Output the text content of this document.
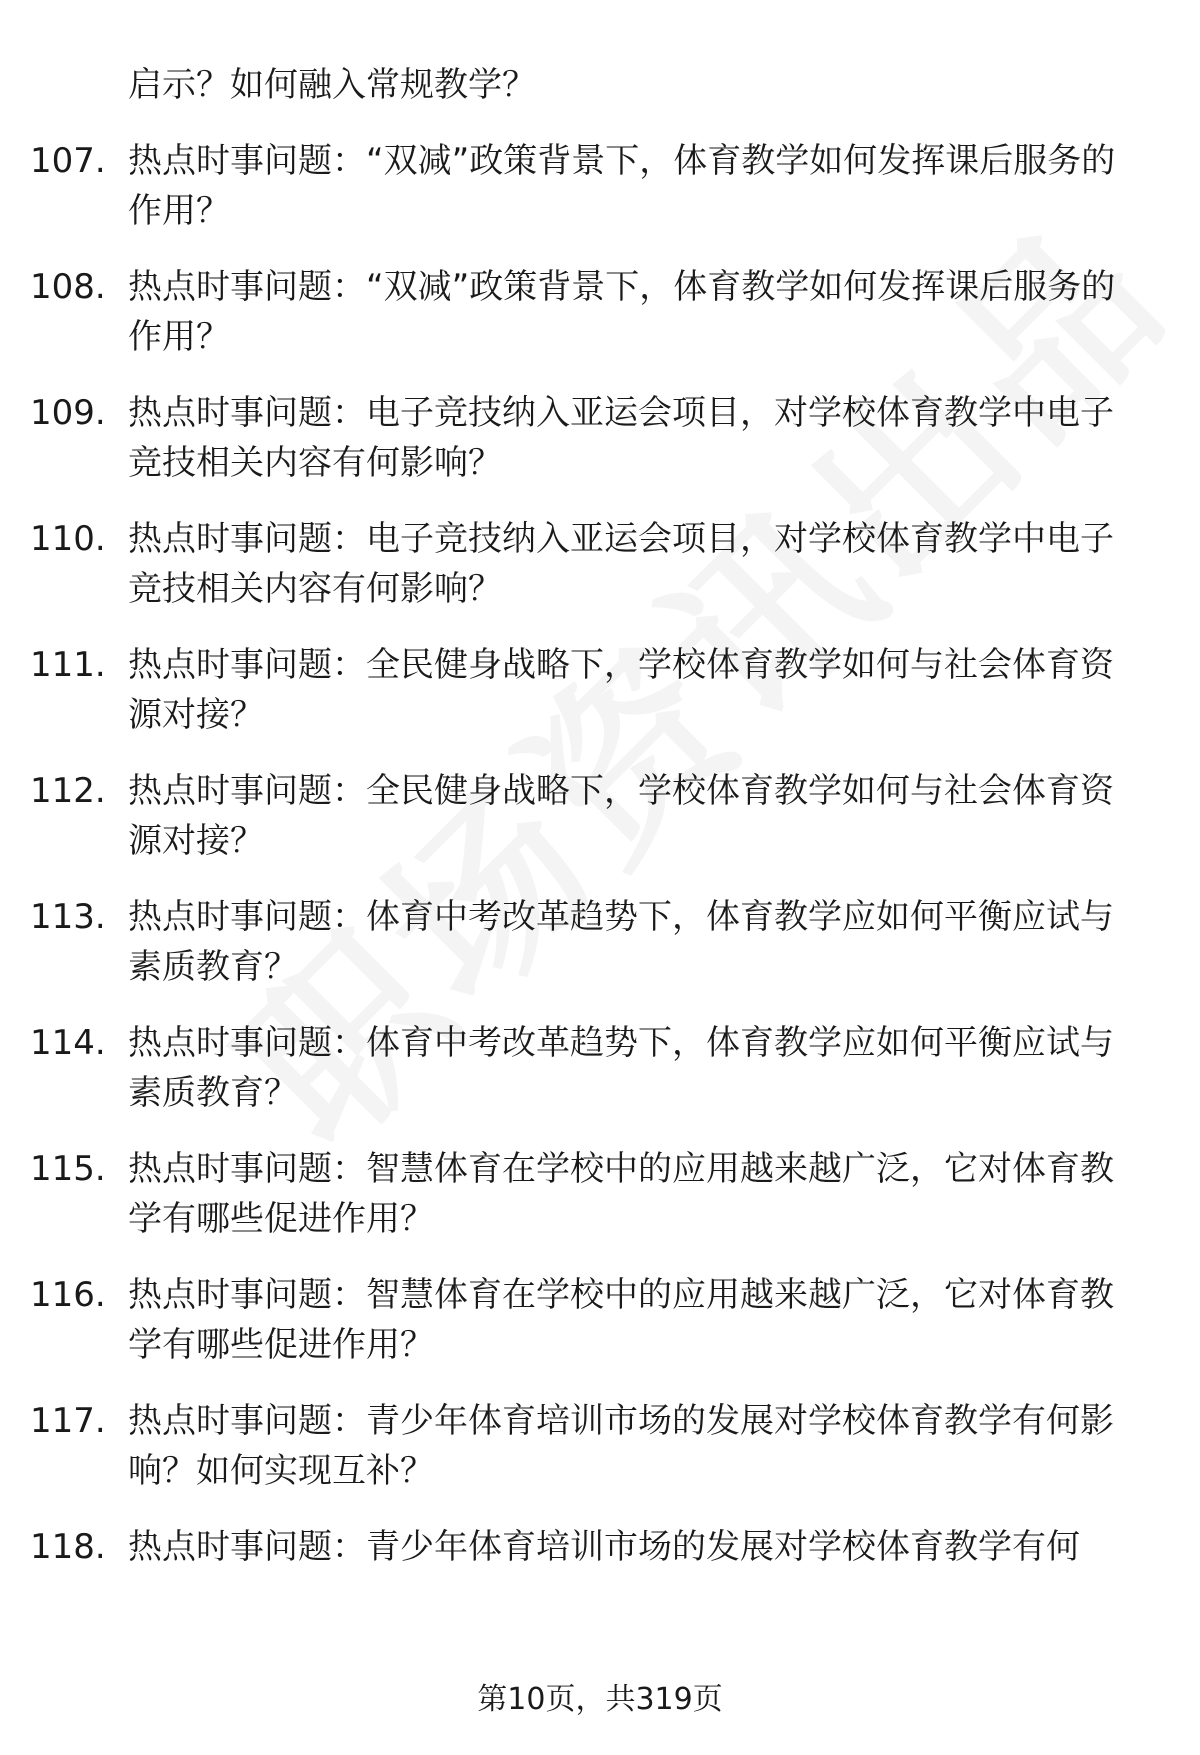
启示？如何融入常规教学？
107. 热点时事问题：“双减”政策背景下，体育教学如何发挥课后服务的作用？
108. 热点时事问题：“双减”政策背景下，体育教学如何发挥课后服务的作用？
109. 热点时事问题：电子竞技纳入亚运会项目，对学校体育教学中电子竞技相关内容有何影响？
110. 热点时事问题：电子竞技纳入亚运会项目，对学校体育教学中电子竞技相关内容有何影响？
111. 热点时事问题：全民健身战略下，学校体育教学如何与社会体育资源对接？
112. 热点时事问题：全民健身战略下，学校体育教学如何与社会体育资源对接？
113. 热点时事问题：体育中考改革趋势下，体育教学应如何平衡应试与素质教育？
114. 热点时事问题：体育中考改革趋势下，体育教学应如何平衡应试与素质教育？
115. 热点时事问题：智慧体育在学校中的应用越来越广泛，它对体育教学有哪些促进作用？
116. 热点时事问题：智慧体育在学校中的应用越来越广泛，它对体育教学有哪些促进作用？
117. 热点时事问题：青少年体育培训市场的发展对学校体育教学有何影响？如何实现互补？
118. 热点时事问题：青少年体育培训市场的发展对学校体育教学有何
第10页，共319页
